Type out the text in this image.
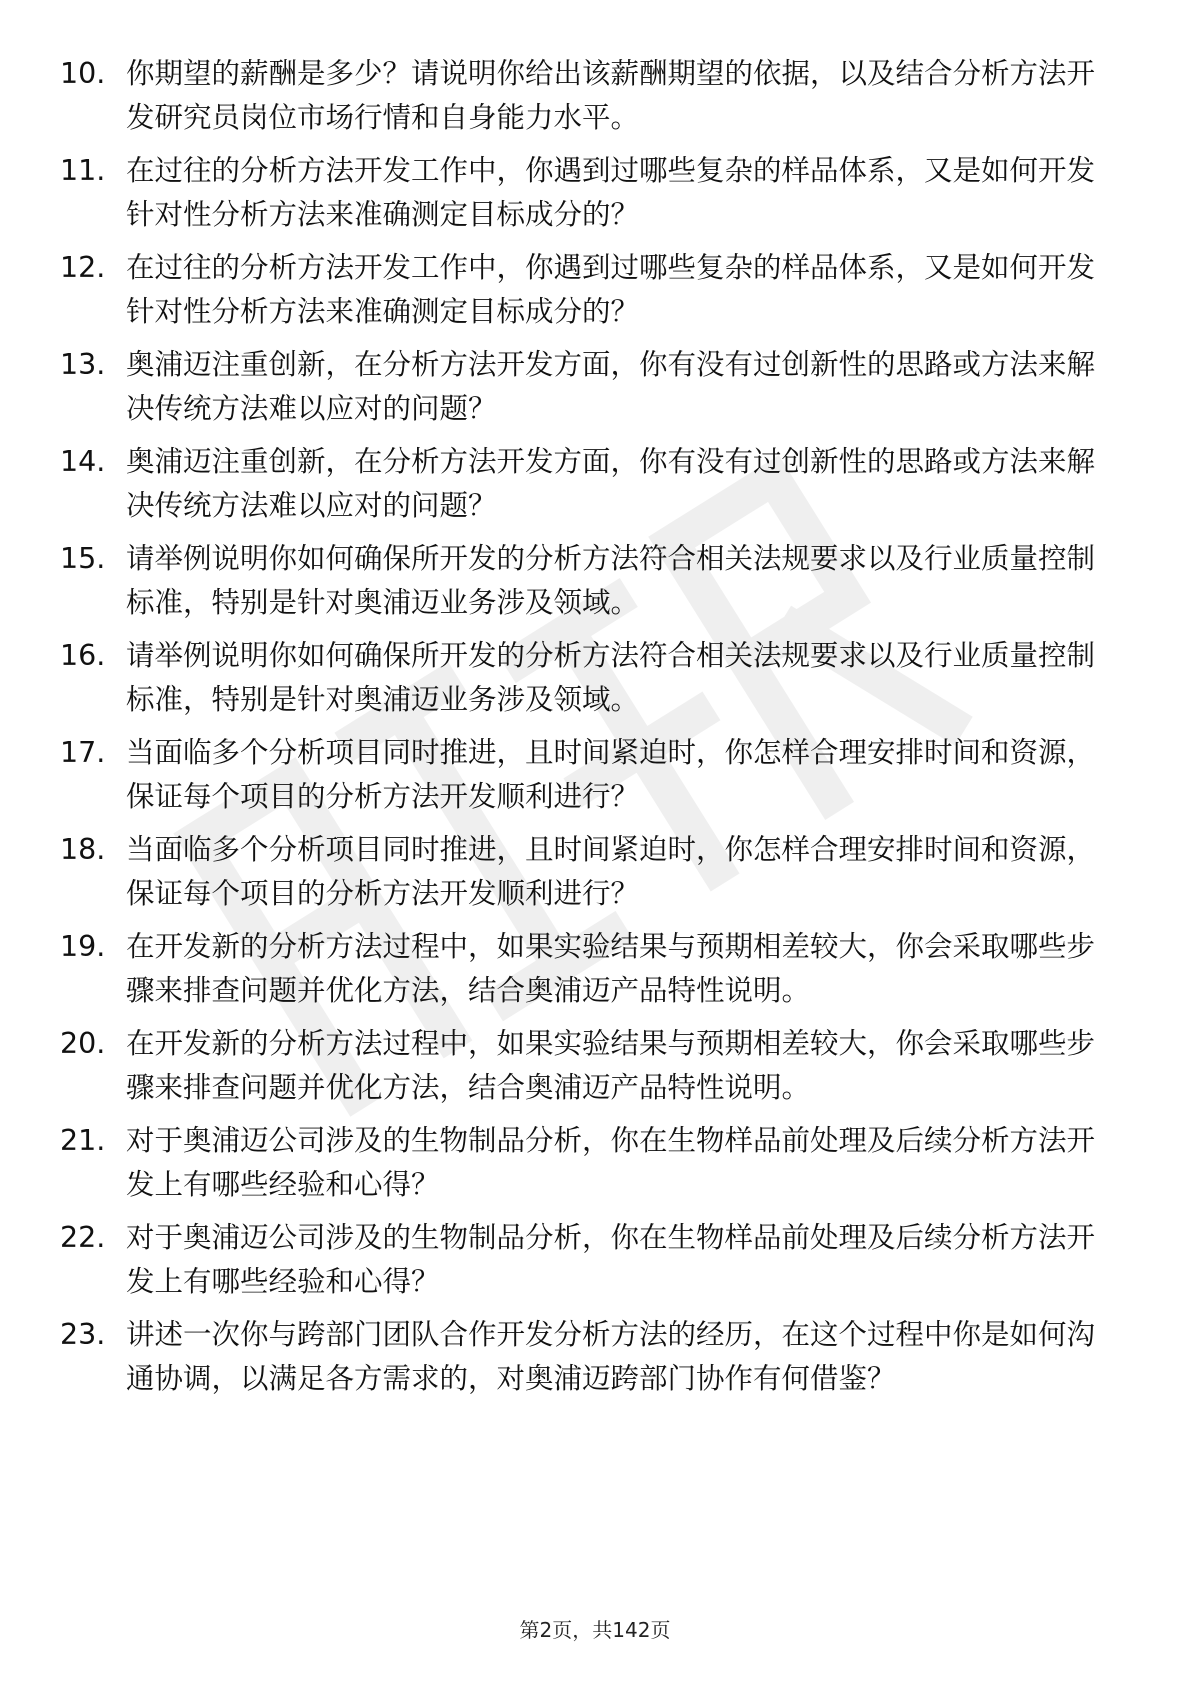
10. 你期望的薪酬是多少？请说明你给出该薪酬期望的依据，以及结合分析方法开发研究员岗位市场行情和自身能力水平。
11. 在过往的分析方法开发工作中，你遇到过哪些复杂的样品体系，又是如何开发针对性分析方法来准确测定目标成分的？
12. 在过往的分析方法开发工作中，你遇到过哪些复杂的样品体系，又是如何开发针对性分析方法来准确测定目标成分的？
13. 奥浦迈注重创新，在分析方法开发方面，你有没有过创新性的思路或方法来解决传统方法难以应对的问题？
14. 奥浦迈注重创新，在分析方法开发方面，你有没有过创新性的思路或方法来解决传统方法难以应对的问题？
15. 请举例说明你如何确保所开发的分析方法符合相关法规要求以及行业质量控制标准，特别是针对奥浦迈业务涉及领域。
16. 请举例说明你如何确保所开发的分析方法符合相关法规要求以及行业质量控制标准，特别是针对奥浦迈业务涉及领域。
17. 当面临多个分析项目同时推进，且时间紧迫时，你怎样合理安排时间和资源，保证每个项目的分析方法开发顺利进行？
18. 当面临多个分析项目同时推进，且时间紧迫时，你怎样合理安排时间和资源，保证每个项目的分析方法开发顺利进行？
19. 在开发新的分析方法过程中，如果实验结果与预期相差较大，你会采取哪些步骤来排查问题并优化方法，结合奥浦迈产品特性说明。
20. 在开发新的分析方法过程中，如果实验结果与预期相差较大，你会采取哪些步骤来排查问题并优化方法，结合奥浦迈产品特性说明。
21. 对于奥浦迈公司涉及的生物制品分析，你在生物样品前处理及后续分析方法开发上有哪些经验和心得？
22. 对于奥浦迈公司涉及的生物制品分析，你在生物样品前处理及后续分析方法开发上有哪些经验和心得？
23. 讲述一次你与跨部门团队合作开发分析方法的经历，在这个过程中你是如何沟通协调，以满足各方需求的，对奥浦迈跨部门协作有何借鉴？
第2页，共142页
